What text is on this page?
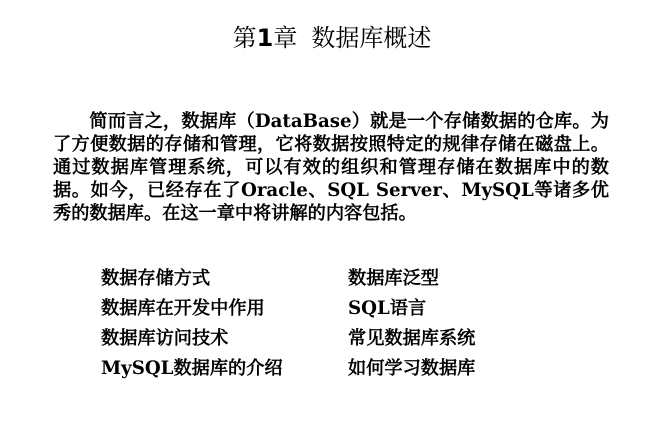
第1章 数据库概述

简而言之，数据库（DataBase）就是一个存储数据的仓库。为了方便数据的存储和管理，它将数据按照特定的规律存储在磁盘上。通过数据库管理系统，可以有效的组织和管理存储在数据库中的数据。如今，已经存在了Oracle、SQL Server、MySQL等诸多优秀的数据库。在这一章中将讲解的内容包括。

数据存储方式	数据库泛型
数据库在开发中作用	SQL语言
数据库访问技术	常见数据库系统
MySQL数据库的介绍	如何学习数据库
